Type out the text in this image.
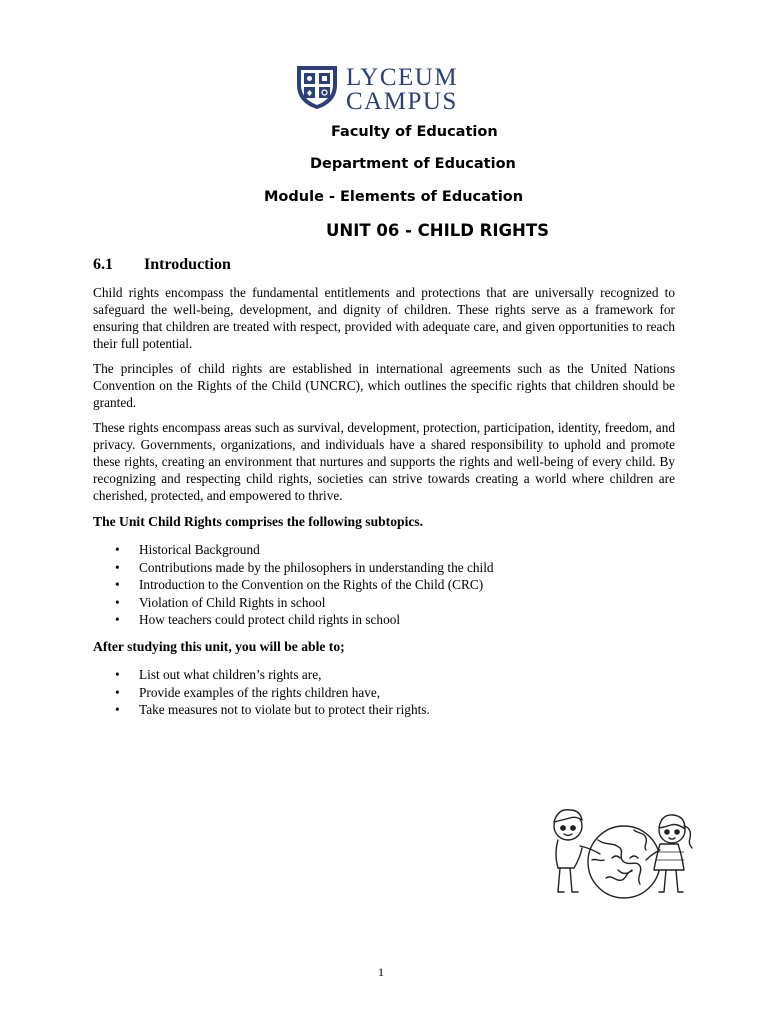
LYCEUM
CAMPUS
Faculty of Education
Department of Education
Module - Elements of Education
UNIT 06 - CHILD RIGHTS
6.1 Introduction
Child rights encompass the fundamental entitlements and protections that are universally recognized to safeguard the well-being, development, and dignity of children. These rights serve as a framework for ensuring that children are treated with respect, provided with adequate care, and given opportunities to reach their full potential.
The principles of child rights are established in international agreements such as the United Nations Convention on the Rights of the Child (UNCRC), which outlines the specific rights that children should be granted.
These rights encompass areas such as survival, development, protection, participation, identity, freedom, and privacy. Governments, organizations, and individuals have a shared responsibility to uphold and promote these rights, creating an environment that nurtures and supports the rights and well-being of every child. By recognizing and respecting child rights, societies can strive towards creating a world where children are cherished, protected, and empowered to thrive.
The Unit Child Rights comprises the following subtopics.
• Historical Background
• Contributions made by the philosophers in understanding the child
• Introduction to the Convention on the Rights of the Child (CRC)
• Violation of Child Rights in school
• How teachers could protect child rights in school
After studying this unit, you will be able to;
• List out what children’s rights are,
• Provide examples of the rights children have,
• Take measures not to violate but to protect their rights.
1
